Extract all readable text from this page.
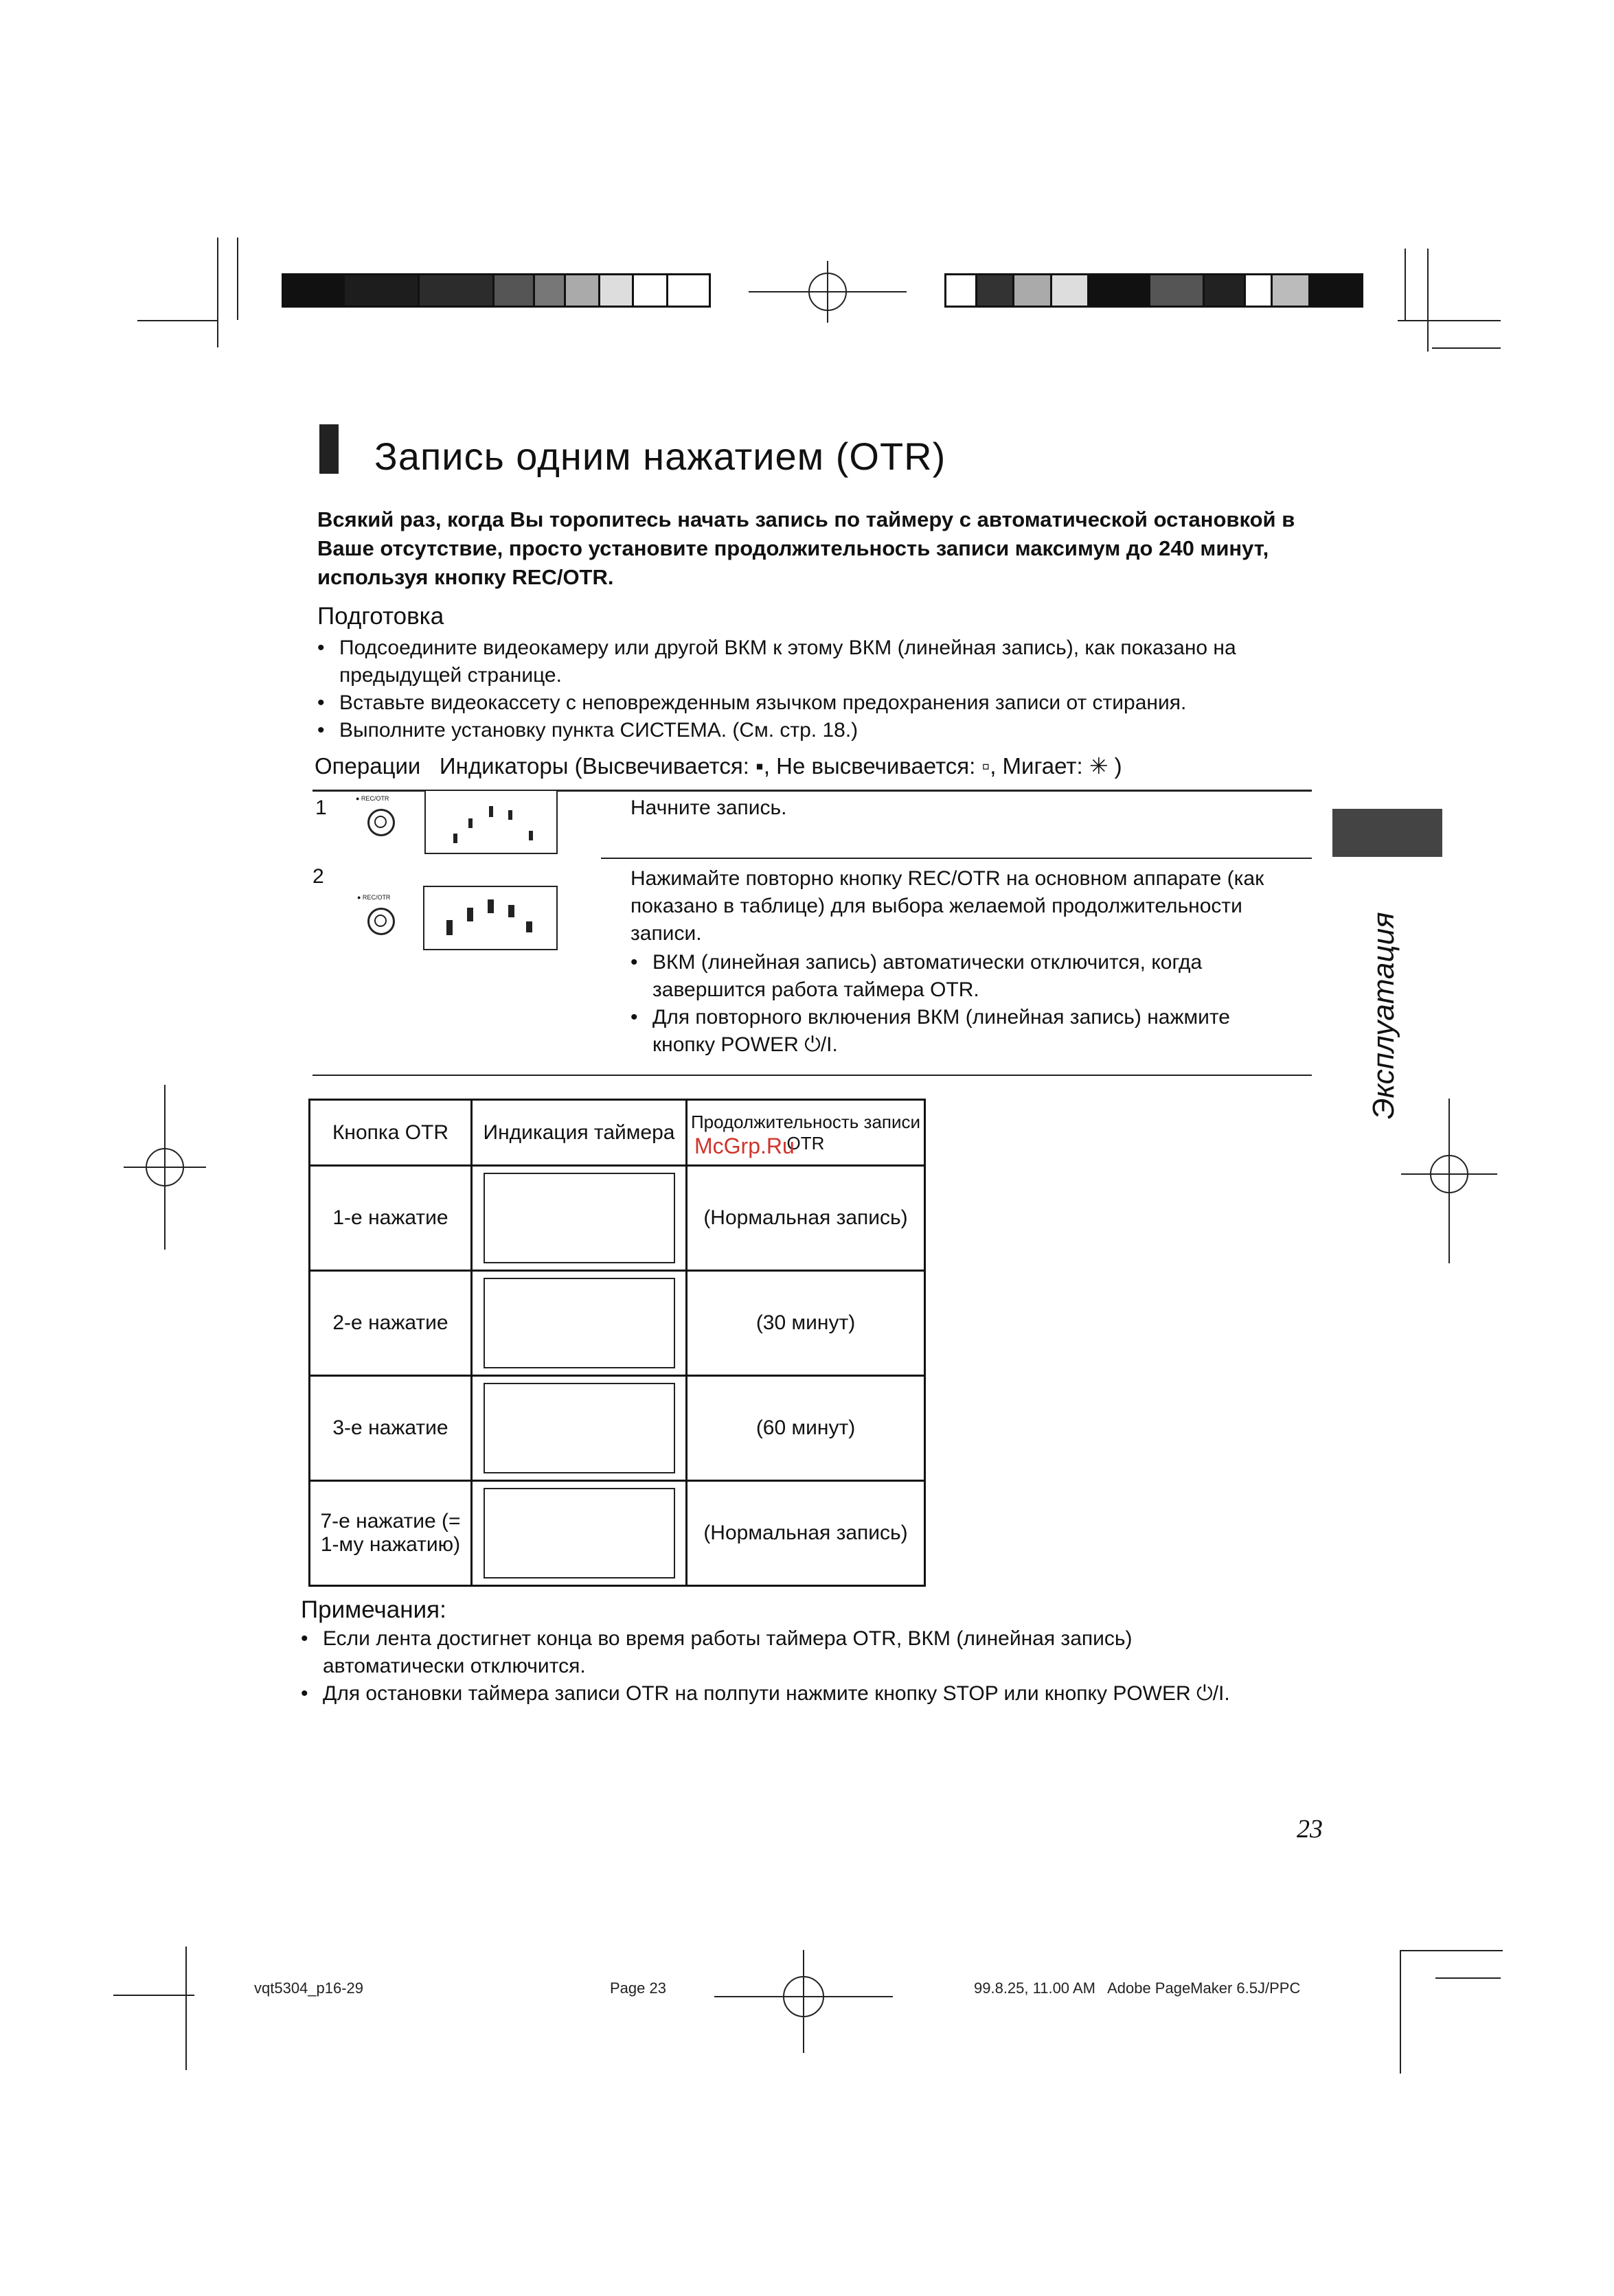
Запись одним нажатием (OTR)
Всякий раз, когда Вы торопитесь начать запись по таймеру с автоматической остановкой в Ваше отсутствие, просто установите продолжительность записи максимум до 240 минут, используя кнопку REC/OTR.
Подготовка
• Подсоедините видеокамеру или другой ВКМ к этому ВКМ (линейная запись), как показано на предыдущей странице.
• Вставьте видеокассету с неповрежденным язычком предохранения записи от стирания.
• Выполните установку пункта СИСТЕМА. (См. стр. 18.)
Операции   Индикаторы (Высвечивается: ▪, Не высвечивается: ▫, Мигает: ✳ )
1	● REC/OTR	Начните запись.
2
● REC/OTR
Нажимайте повторно кнопку REC/OTR на основном аппарате (как показано в таблице) для выбора желаемой продолжительности записи.
• ВКМ (линейная запись) автоматически отключится, когда завершится работа таймера OTR.
• Для повторного включения ВКМ (линейная запись) нажмите кнопку POWER ⏻/I.
Кнопка OTR	Индикация таймера	Продолжительность записи OTR
McGrp.Ru

1-е нажатие		(Нормальная запись)
2-е нажатие		(30 минут)
3-е нажатие		(60 минут)
7-е нажатие (= 1-му нажатию)		(Нормальная запись)
Примечания:
• Если лента достигнет конца во время работы таймера OTR, ВКМ (линейная запись) автоматически отключится.
• Для остановки таймера записи OTR на полпути нажмите кнопку STOP или кнопку POWER ⏻/I.
Эксплуатация
23
vqt5304_p16-29	Page 23	99.8.25, 11.00 AM   Adobe PageMaker 6.5J/PPC
